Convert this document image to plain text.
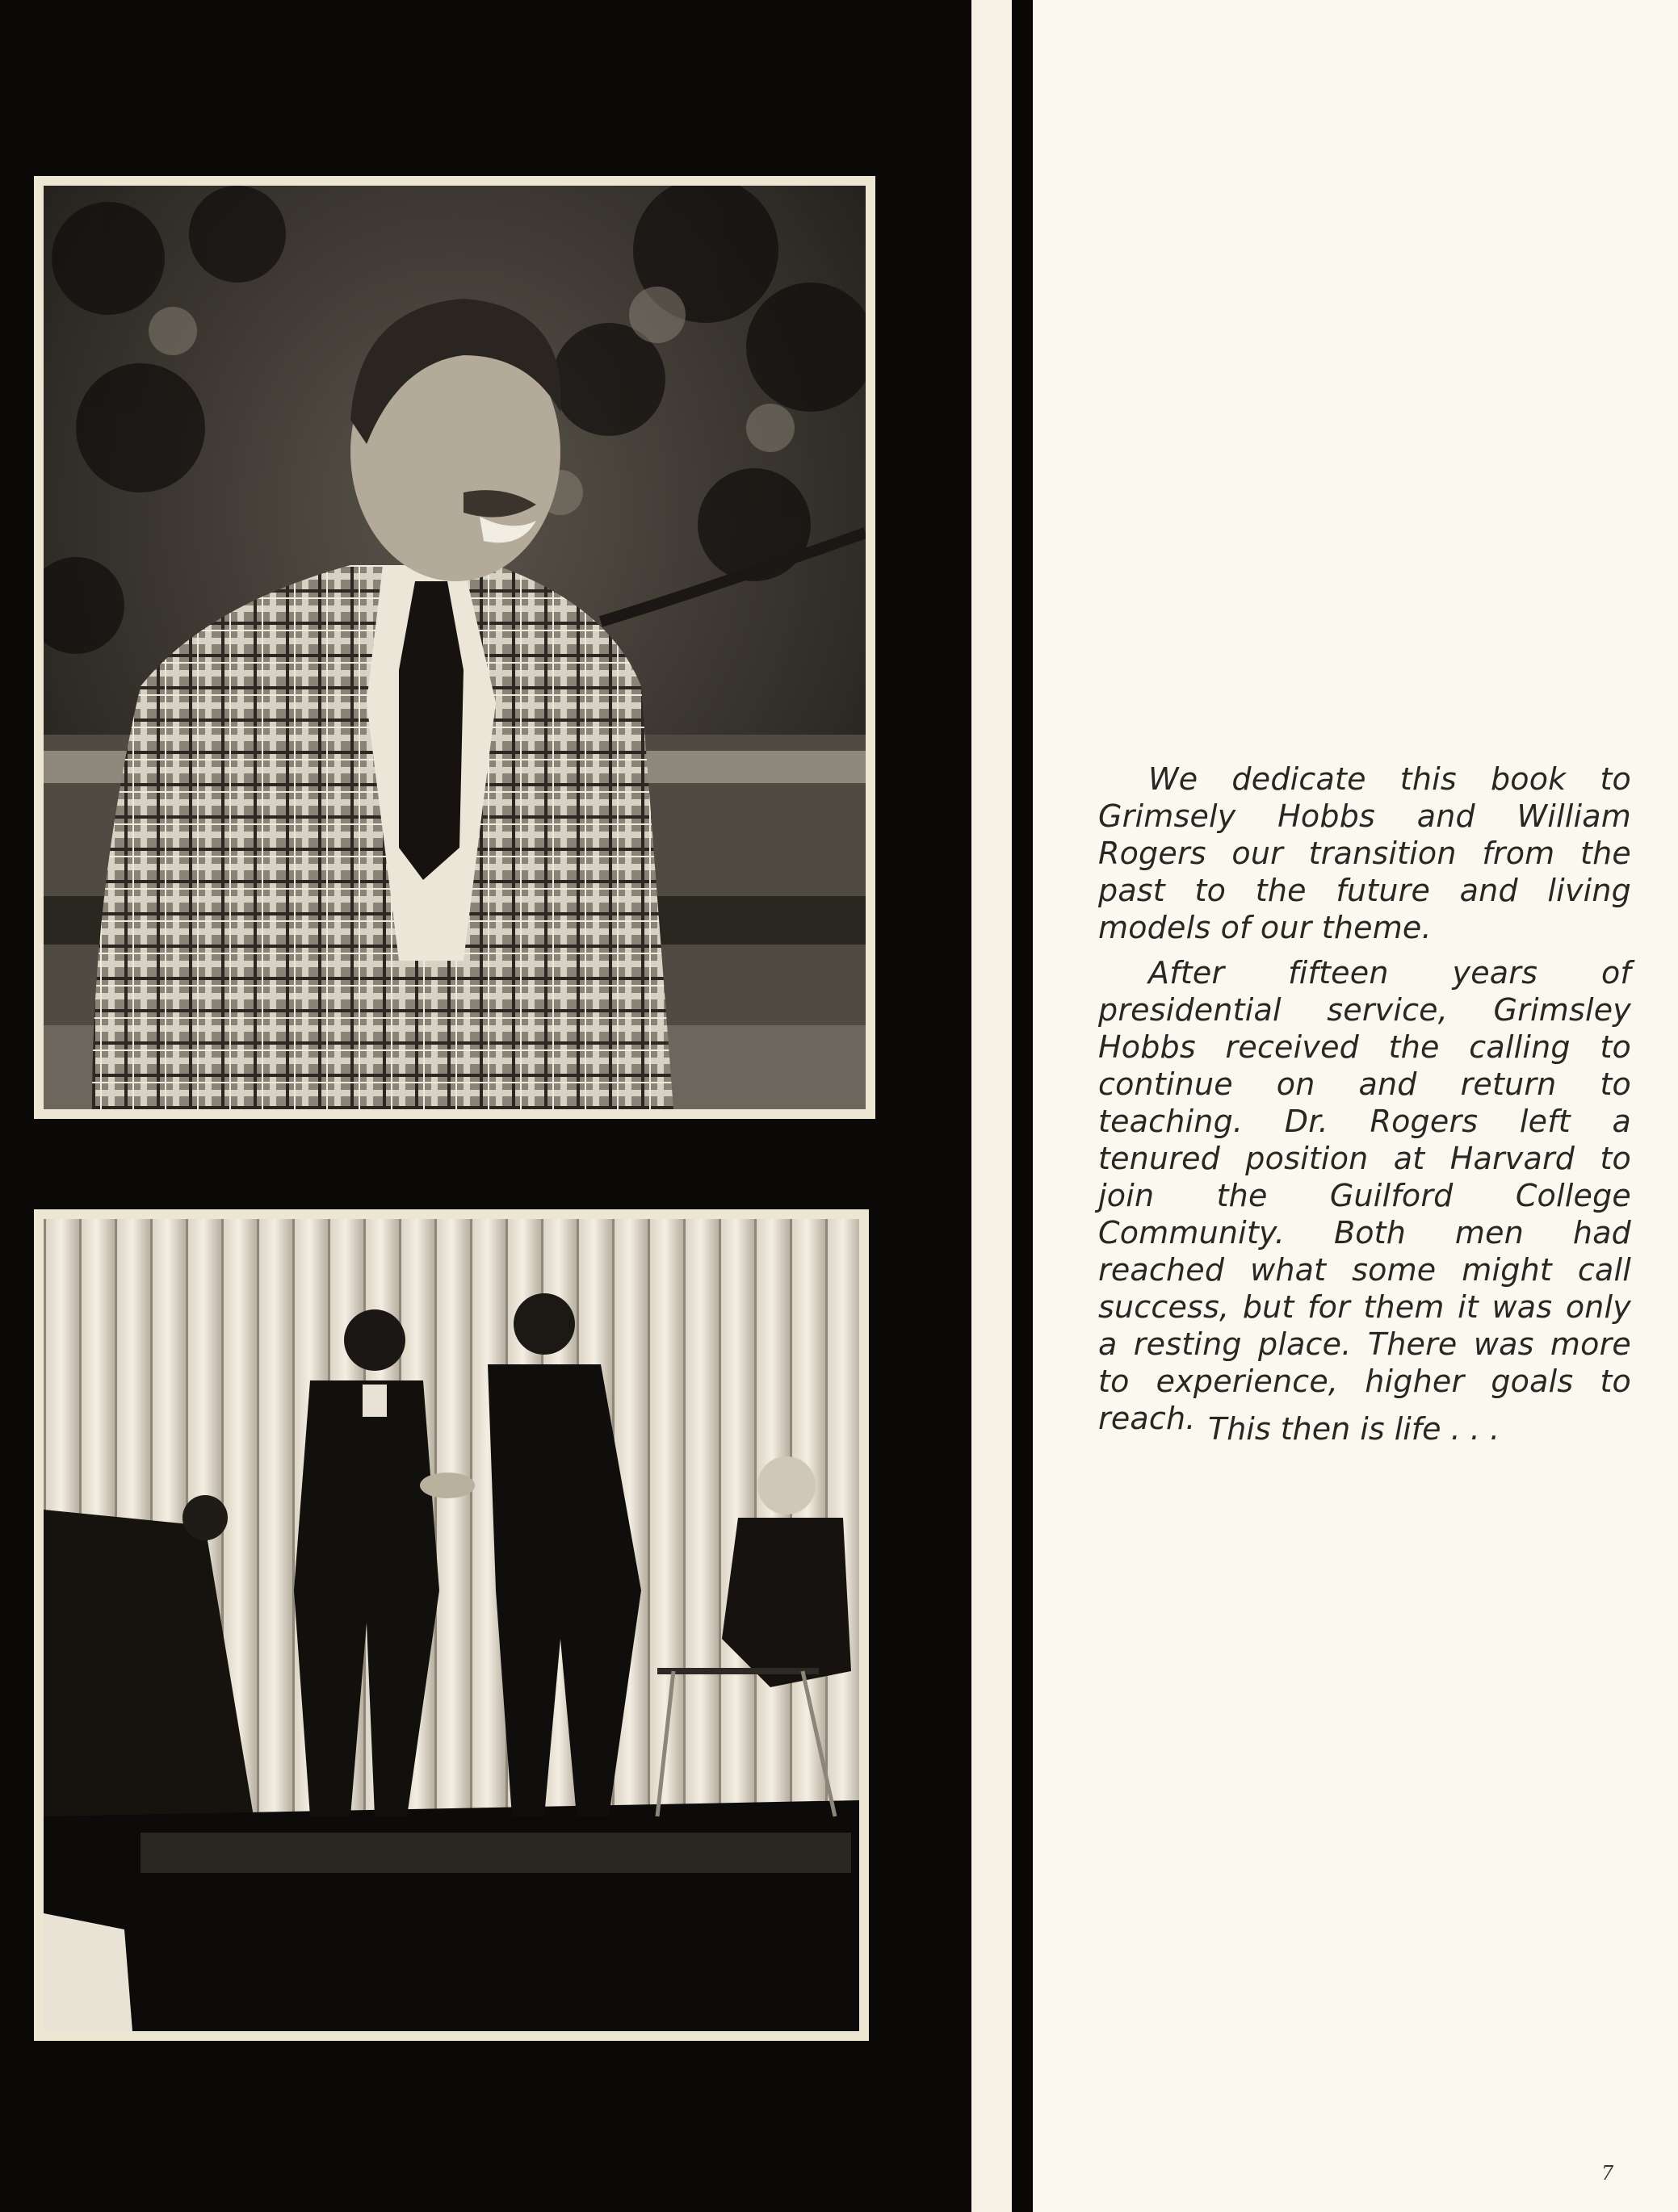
We dedicate this book to Grimsely Hobbs and William Rogers our transition from the past to the future and living models of our theme.

After fifteen years of presidential service, Grimsley Hobbs received the calling to continue on and return to teaching. Dr. Rogers left a tenured position at Harvard to join the Guilford College Community. Both men had reached what some might call success, but for them it was only a resting place. There was more to experience, higher goals to reach. This then is life . . .
7
